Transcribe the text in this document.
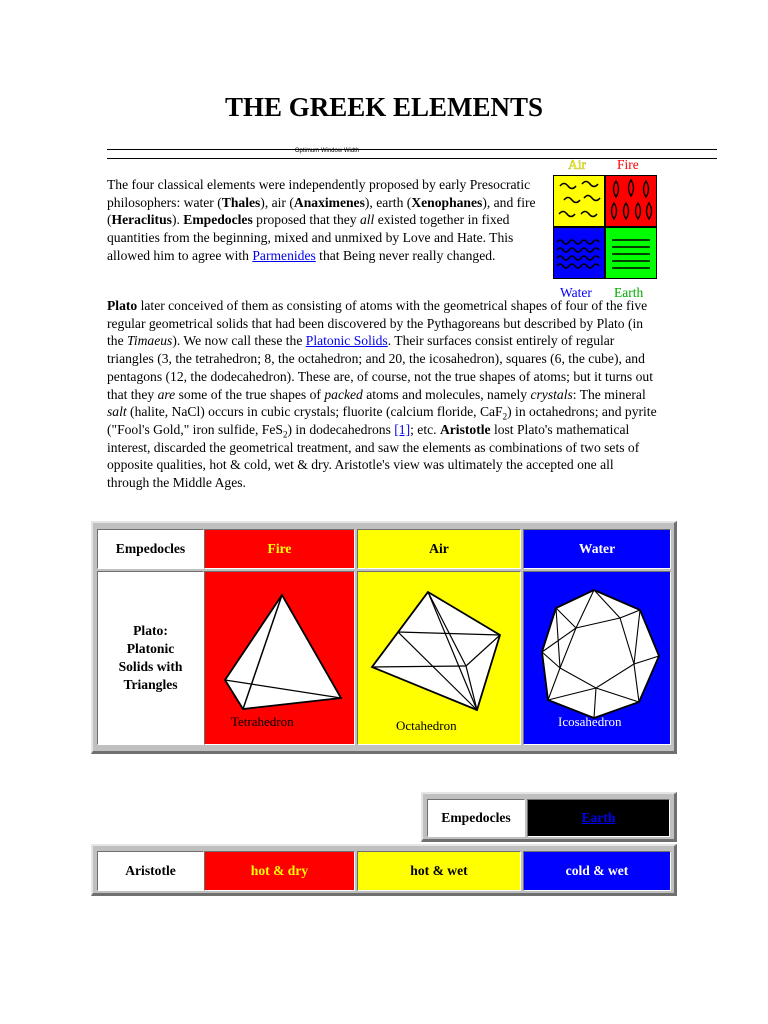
THE GREEK ELEMENTS
Optimum Window Width

The four classical elements were independently proposed by early Presocratic philosophers: water (Thales), air (Anaximenes), earth (Xenophanes), and fire (Heraclitus). Empedocles proposed that they all existed together in fixed quantities from the beginning, mixed and unmixed by Love and Hate. This allowed him to agree with Parmenides that Being never really changed.

Plato later conceived of them as consisting of atoms with the geometrical shapes of four of the five regular geometrical solids that had been discovered by the Pythagoreans but described by Plato (in the Timaeus). We now call these the Platonic Solids. Their surfaces consist entirely of regular triangles (3, the tetrahedron; 8, the octahedron; and 20, the icosahedron), squares (6, the cube), and pentagons (12, the dodecahedron). These are, of course, not the true shapes of atoms; but it turns out that they are some of the true shapes of packed atoms and molecules, namely crystals: The mineral salt (halite, NaCl) occurs in cubic crystals; fluorite (calcium floride, CaF$_2$) in octahedrons; and pyrite ("Fool's Gold," iron sulfide, FeS$_2$) in dodecahedrons [1]; etc. Aristotle lost Plato's mathematical interest, discarded the geometrical treatment, and saw the elements as combinations of two sets of opposite qualities, hot & cold, wet & dry. Aristotle's view was ultimately the accepted one all through the Middle Ages.

Air Fire
Water Earth
Empedocles	Fire	Air	Water
Plato: Platonic Solids with Triangles
Tetrahedron	Octahedron	Icosahedron
Empedocles	Earth
Aristotle	hot & dry	hot & wet	cold & wet
